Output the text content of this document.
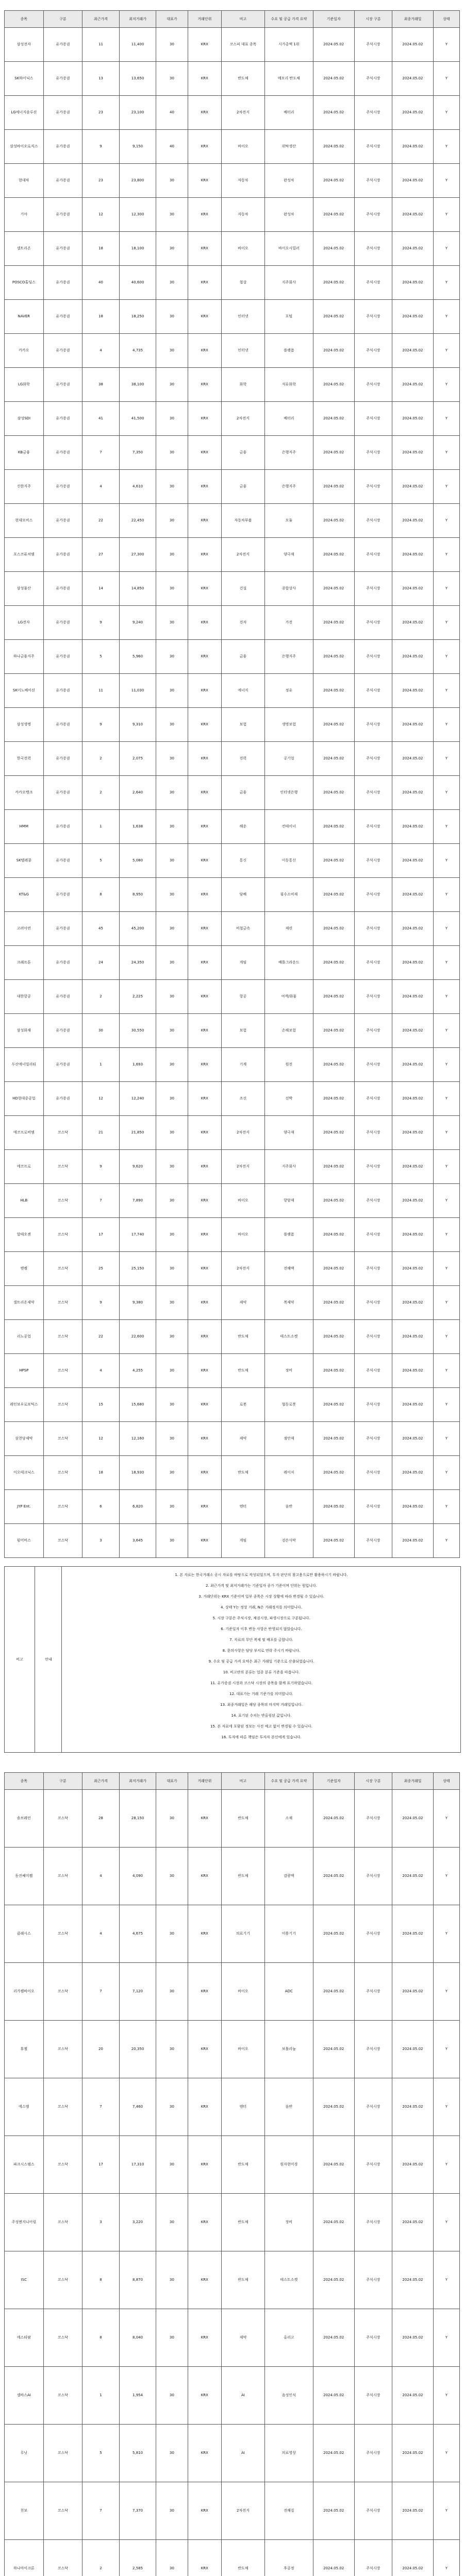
종목	구분	최근가격	최저거래가	대표가	거래단위	비고	수요 및 공급 가격 요약	기준일자	시장 구분	최종거래일	상태
삼성전자	유가증권	11	11,400	30	KRX	코스피 대표 종목	시가총액 1위	2024.05.02	주식시장	2024.05.02	Y
SK하이닉스	유가증권	13	13,650	30	KRX	반도체	메모리 반도체	2024.05.02	주식시장	2024.05.02	Y
LG에너지솔루션	유가증권	23	23,100	40	KRX	2차전지	배터리	2024.05.02	주식시장	2024.05.02	Y
삼성바이오로직스	유가증권	9	9,150	40	KRX	바이오	위탁생산	2024.05.02	주식시장	2024.05.02	Y
현대차	유가증권	23	23,800	30	KRX	자동차	완성차	2024.05.02	주식시장	2024.05.02	Y
기아	유가증권	12	12,300	30	KRX	자동차	완성차	2024.05.02	주식시장	2024.05.02	Y
셀트리온	유가증권	18	18,100	30	KRX	바이오	바이오시밀러	2024.05.02	주식시장	2024.05.02	Y
POSCO홀딩스	유가증권	40	40,600	30	KRX	철강	지주회사	2024.05.02	주식시장	2024.05.02	Y
NAVER	유가증권	18	18,250	30	KRX	인터넷	포털	2024.05.02	주식시장	2024.05.02	Y
카카오	유가증권	4	4,735	30	KRX	인터넷	플랫폼	2024.05.02	주식시장	2024.05.02	Y
LG화학	유가증권	38	38,100	30	KRX	화학	석유화학	2024.05.02	주식시장	2024.05.02	Y
삼성SDI	유가증권	41	41,500	30	KRX	2차전지	배터리	2024.05.02	주식시장	2024.05.02	Y
KB금융	유가증권	7	7,350	30	KRX	금융	은행지주	2024.05.02	주식시장	2024.05.02	Y
신한지주	유가증권	4	4,610	30	KRX	금융	은행지주	2024.05.02	주식시장	2024.05.02	Y
현대모비스	유가증권	22	22,450	30	KRX	자동차부품	모듈	2024.05.02	주식시장	2024.05.02	Y
포스코퓨처엠	유가증권	27	27,300	30	KRX	2차전지	양극재	2024.05.02	주식시장	2024.05.02	Y
삼성물산	유가증권	14	14,850	30	KRX	건설	종합상사	2024.05.02	주식시장	2024.05.02	Y
LG전자	유가증권	9	9,240	30	KRX	전자	가전	2024.05.02	주식시장	2024.05.02	Y
하나금융지주	유가증권	5	5,960	30	KRX	금융	은행지주	2024.05.02	주식시장	2024.05.02	Y
SK이노베이션	유가증권	11	11,030	30	KRX	에너지	정유	2024.05.02	주식시장	2024.05.02	Y
삼성생명	유가증권	9	9,310	30	KRX	보험	생명보험	2024.05.02	주식시장	2024.05.02	Y
한국전력	유가증권	2	2,075	30	KRX	전력	공기업	2024.05.02	주식시장	2024.05.02	Y
카카오뱅크	유가증권	2	2,640	30	KRX	금융	인터넷은행	2024.05.02	주식시장	2024.05.02	Y
HMM	유가증권	1	1,638	30	KRX	해운	컨테이너	2024.05.02	주식시장	2024.05.02	Y
SK텔레콤	유가증권	5	5,080	30	KRX	통신	이동통신	2024.05.02	주식시장	2024.05.02	Y
KT&G	유가증권	8	8,950	30	KRX	담배	필수소비재	2024.05.02	주식시장	2024.05.02	Y
고려아연	유가증권	45	45,200	30	KRX	비철금속	제련	2024.05.02	주식시장	2024.05.02	Y
크래프톤	유가증권	24	24,350	30	KRX	게임	배틀그라운드	2024.05.02	주식시장	2024.05.02	Y
대한항공	유가증권	2	2,225	30	KRX	항공	여객/화물	2024.05.02	주식시장	2024.05.02	Y
삼성화재	유가증권	30	30,550	30	KRX	보험	손해보험	2024.05.02	주식시장	2024.05.02	Y
두산에너빌리티	유가증권	1	1,693	30	KRX	기계	원전	2024.05.02	주식시장	2024.05.02	Y
HD현대중공업	유가증권	12	12,240	30	KRX	조선	선박	2024.05.02	주식시장	2024.05.02	Y
에코프로비엠	코스닥	21	21,850	30	KRX	2차전지	양극재	2024.05.02	주식시장	2024.05.02	Y
에코프로	코스닥	9	9,620	30	KRX	2차전지	지주회사	2024.05.02	주식시장	2024.05.02	Y
HLB	코스닥	7	7,890	30	KRX	바이오	항암제	2024.05.02	주식시장	2024.05.02	Y
알테오젠	코스닥	17	17,740	30	KRX	바이오	플랫폼	2024.05.02	주식시장	2024.05.02	Y
엔켐	코스닥	25	25,150	30	KRX	2차전지	전해액	2024.05.02	주식시장	2024.05.02	Y
셀트리온제약	코스닥	9	9,380	30	KRX	제약	복제약	2024.05.02	주식시장	2024.05.02	Y
리노공업	코스닥	22	22,600	30	KRX	반도체	테스트소켓	2024.05.02	주식시장	2024.05.02	Y
HPSP	코스닥	4	4,255	30	KRX	반도체	장비	2024.05.02	주식시장	2024.05.02	Y
레인보우로보틱스	코스닥	15	15,680	30	KRX	로봇	협동로봇	2024.05.02	주식시장	2024.05.02	Y
삼천당제약	코스닥	12	12,160	30	KRX	제약	점안제	2024.05.02	주식시장	2024.05.02	Y
이오테크닉스	코스닥	18	18,930	30	KRX	반도체	레이저	2024.05.02	주식시장	2024.05.02	Y
JYP Ent.	코스닥	6	6,820	30	KRX	엔터	음반	2024.05.02	주식시장	2024.05.02	Y
펄어비스	코스닥	3	3,645	30	KRX	게임	검은사막	2024.05.02	주식시장	2024.05.02	Y
비고	안내
1. 본 자료는 한국거래소 공시 자료를 바탕으로 작성되었으며, 투자 판단의 참고용으로만 활용하시기 바랍니다.
2. 최근가격 및 최저거래가는 기준일자 종가 기준이며 단위는 원입니다.
3. 거래단위는 KRX 기준이며 일부 종목은 시장 상황에 따라 변경될 수 있습니다.
4. 상태 Y는 정상 거래, N은 거래정지를 의미합니다.
5. 시장 구분은 주식시장, 채권시장, 파생시장으로 구분됩니다.
6. 기준일자 이후 변동 사항은 반영되지 않았습니다.
7. 자료의 무단 복제 및 배포를 금합니다.
8. 문의사항은 담당 부서로 연락 주시기 바랍니다.
9. 수요 및 공급 가격 요약은 최근 거래일 기준으로 산출되었습니다.
10. 비고란의 분류는 업종 분류 기준을 따릅니다.
11. 유가증권 시장과 코스닥 시장의 종목을 함께 표기하였습니다.
12. 대표가는 거래 기준가를 의미합니다.
13. 최종거래일은 해당 종목의 마지막 거래일입니다.
14. 표기된 수치는 반올림된 값입니다.
15. 본 자료에 포함된 정보는 사전 예고 없이 변경될 수 있습니다.
16. 투자에 따른 책임은 투자자 본인에게 있습니다.
종목	구분	최근가격	최저거래가	대표가	거래단위	비고	수요 및 공급 가격 요약	기준일자	시장 구분	최종거래일	상태
솔브레인	코스닥	28	28,150	30	KRX	반도체	소재	2024.05.02	주식시장	2024.05.02	Y
동진쎄미켐	코스닥	4	4,090	30	KRX	반도체	감광액	2024.05.02	주식시장	2024.05.02	Y
클래시스	코스닥	4	4,675	30	KRX	의료기기	미용기기	2024.05.02	주식시장	2024.05.02	Y
리가켐바이오	코스닥	7	7,120	30	KRX	바이오	ADC	2024.05.02	주식시장	2024.05.02	Y
휴젤	코스닥	20	20,350	30	KRX	바이오	보툴리눔	2024.05.02	주식시장	2024.05.02	Y
에스엠	코스닥	7	7,460	30	KRX	엔터	음반	2024.05.02	주식시장	2024.05.02	Y
파크시스템스	코스닥	17	17,310	30	KRX	반도체	원자현미경	2024.05.02	주식시장	2024.05.02	Y
주성엔지니어링	코스닥	3	3,220	30	KRX	반도체	장비	2024.05.02	주식시장	2024.05.02	Y
ISC	코스닥	8	8,870	30	KRX	반도체	테스트소켓	2024.05.02	주식시장	2024.05.02	Y
에스티팜	코스닥	8	8,040	30	KRX	제약	올리고	2024.05.02	주식시장	2024.05.02	Y
셀바스AI	코스닥	1	1,954	30	KRX	AI	음성인식	2024.05.02	주식시장	2024.05.02	Y
루닛	코스닥	5	5,810	30	KRX	AI	의료영상	2024.05.02	주식시장	2024.05.02	Y
천보	코스닥	7	7,370	30	KRX	2차전지	전해질	2024.05.02	주식시장	2024.05.02	Y
하나마이크론	코스닥	2	2,585	30	KRX	반도체	후공정	2024.05.02	주식시장	2024.05.02	Y
